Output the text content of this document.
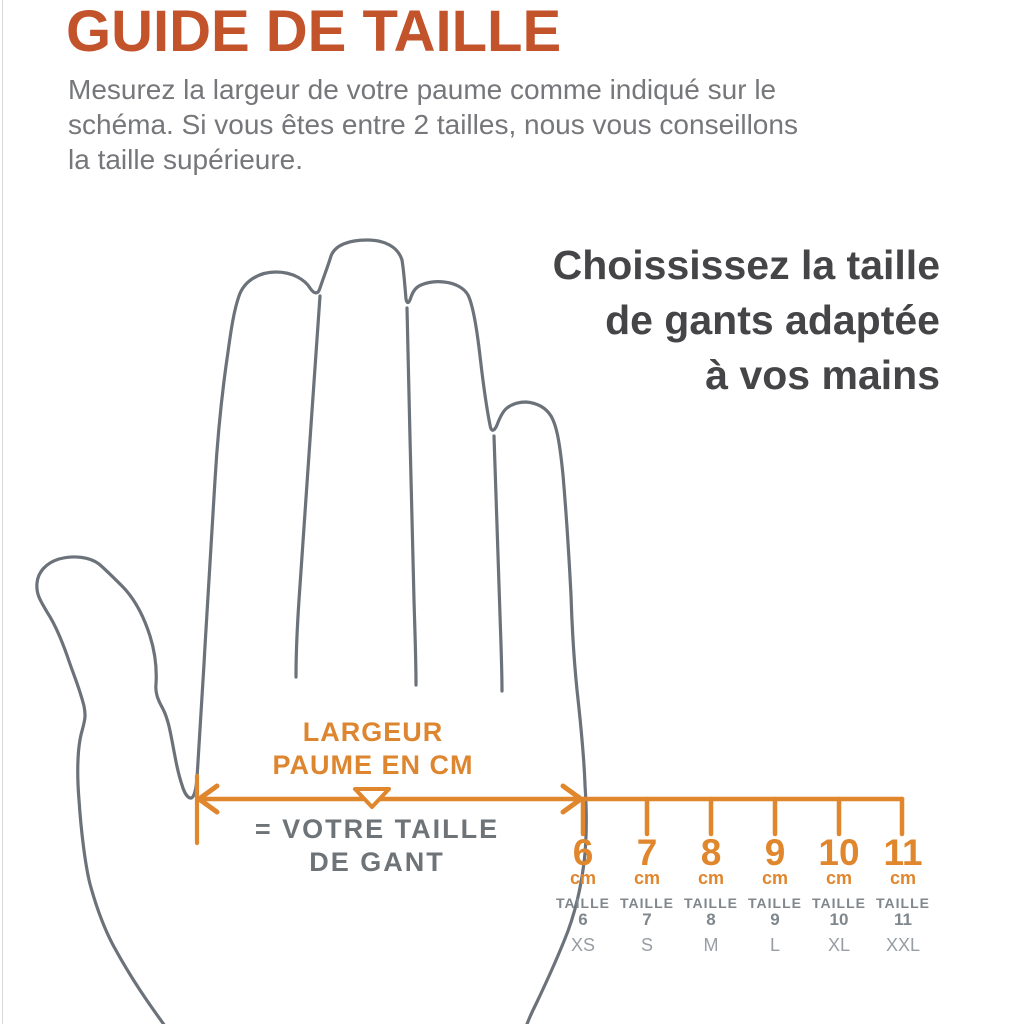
GUIDE DE TAILLE
Mesurez la largeur de votre paume comme indiqué sur le
schéma. Si vous êtes entre 2 tailles, nous vous conseillons
la taille supérieure.
Choississez la taille
de gants adaptée
à vos mains
LARGEUR
PAUME EN CM
= VOTRE TAILLE
DE GANT	6
cm
TAILLE
6
XS
7
cm
TAILLE
7
S
8
cm
TAILLE
8
M
9
cm
TAILLE
9
L
10
cm
TAILLE
10
XL
11
cm
TAILLE
11
XXL
